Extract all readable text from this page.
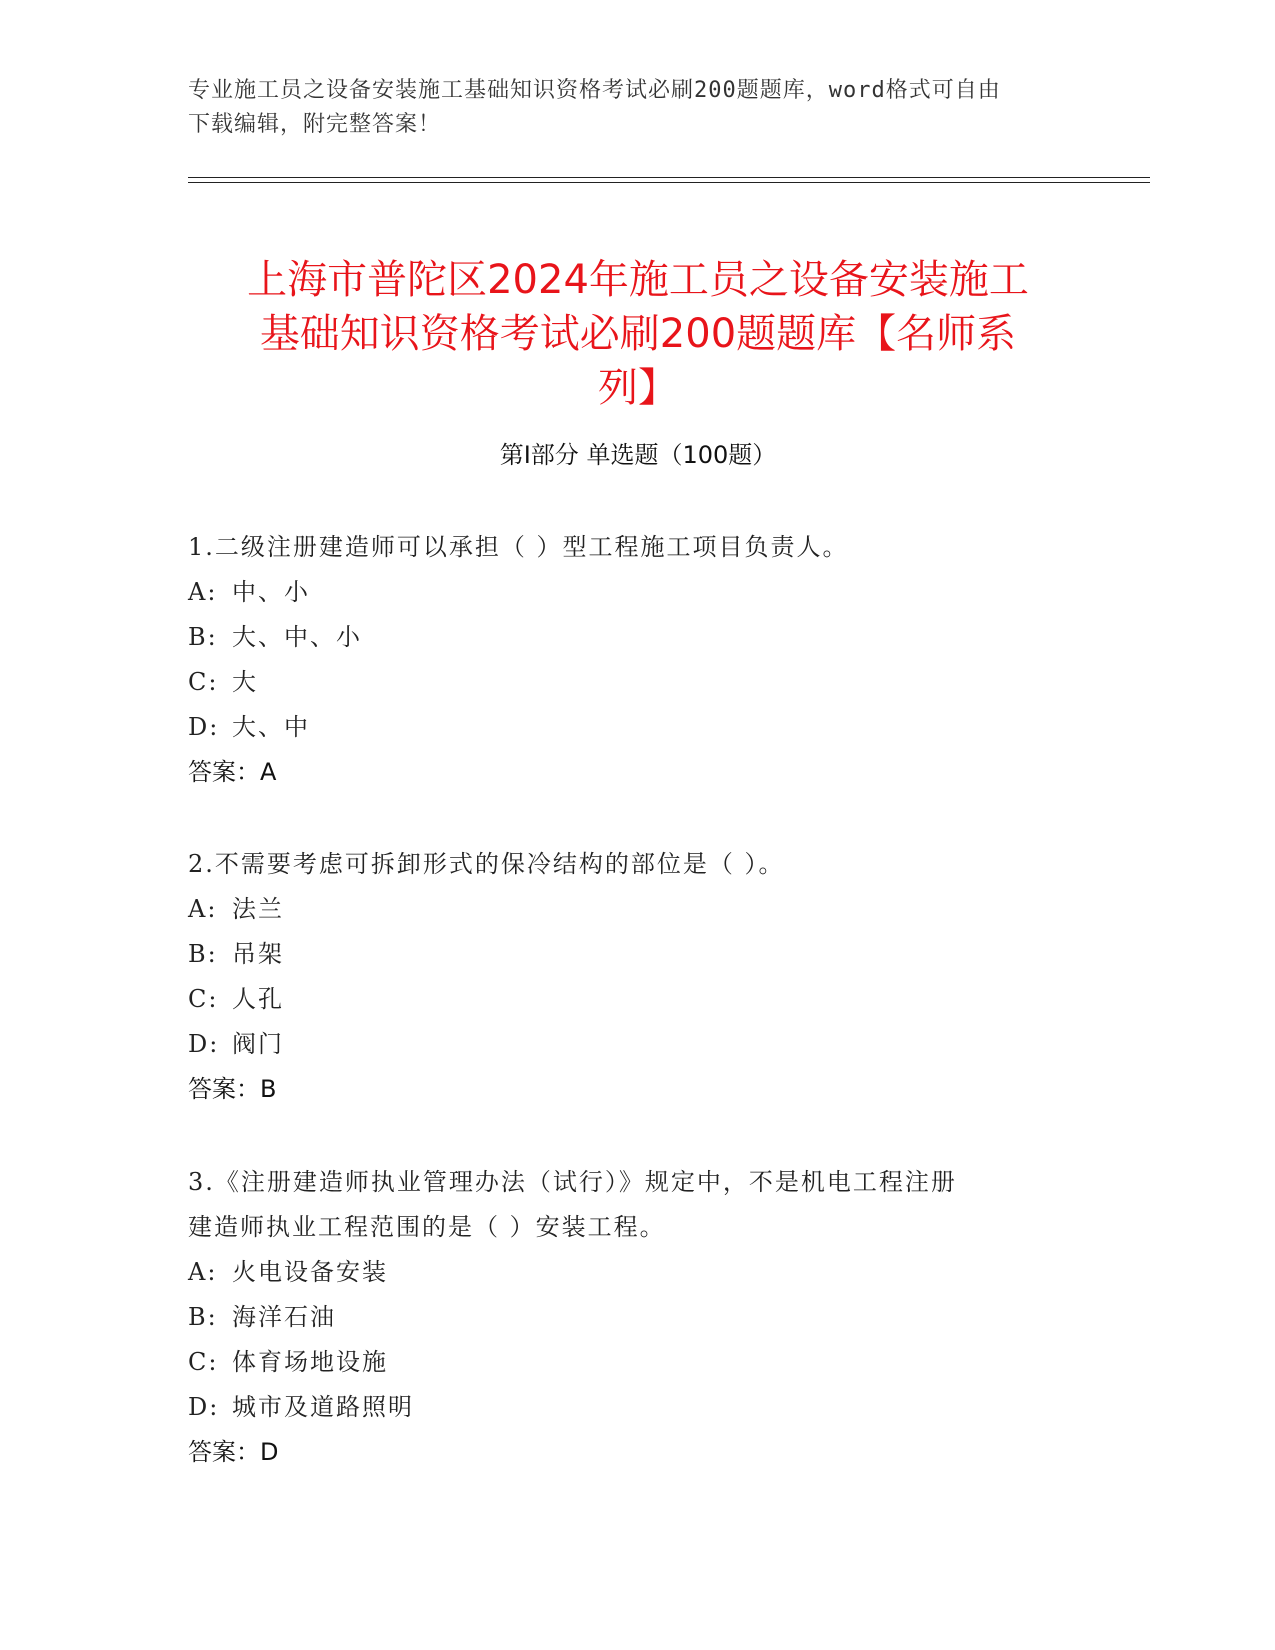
专业施工员之设备安装施工基础知识资格考试必刷200题题库，word格式可自由
下载编辑，附完整答案！
上海市普陀区2024年施工员之设备安装施工
基础知识资格考试必刷200题题库【名师系
列】
第Ⅰ部分 单选题（100题）
1.二级注册建造师可以承担（ ）型工程施工项目负责人。
A: 中、小
B: 大、中、小
C: 大
D: 大、中
答案：A
2.不需要考虑可拆卸形式的保冷结构的部位是（ ）。
A: 法兰
B: 吊架
C: 人孔
D: 阀门
答案：B
3.《注册建造师执业管理办法（试行）》规定中，不是机电工程注册
建造师执业工程范围的是（ ）安装工程。
A: 火电设备安装
B: 海洋石油
C: 体育场地设施
D: 城市及道路照明
答案：D
